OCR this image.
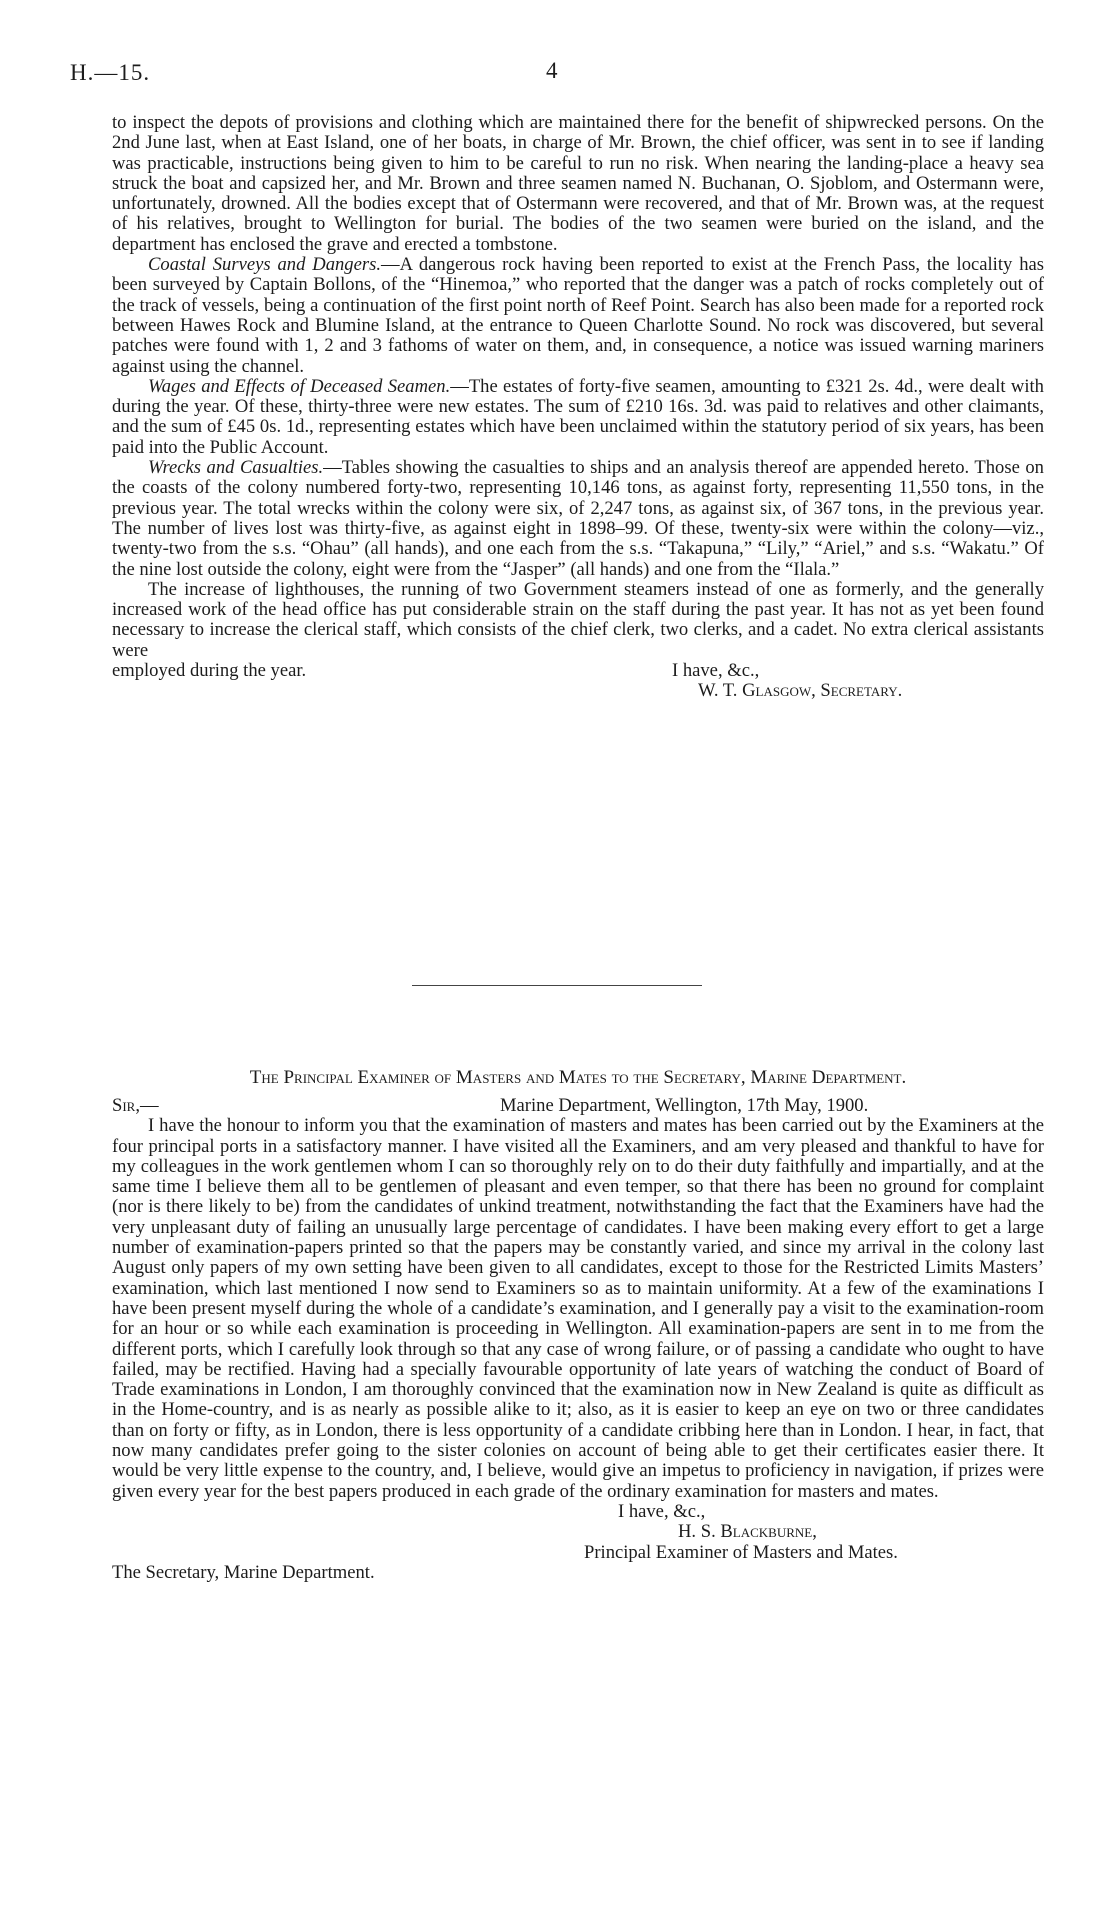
H.—15.	4

to inspect the depots of provisions and clothing which are maintained there for the benefit of shipwrecked persons. On the 2nd June last, when at East Island, one of her boats, in charge of Mr. Brown, the chief officer, was sent in to see if landing was practicable, instructions being given to him to be careful to run no risk. When nearing the landing-place a heavy sea struck the boat and capsized her, and Mr. Brown and three seamen named N. Buchanan, O. Sjoblom, and Ostermann were, unfortunately, drowned. All the bodies except that of Ostermann were recovered, and that of Mr. Brown was, at the request of his relatives, brought to Wellington for burial. The bodies of the two seamen were buried on the island, and the department has enclosed the grave and erected a tombstone.

Coastal Surveys and Dangers.—A dangerous rock having been reported to exist at the French Pass, the locality has been surveyed by Captain Bollons, of the “Hinemoa,” who reported that the danger was a patch of rocks completely out of the track of vessels, being a continuation of the first point north of Reef Point. Search has also been made for a reported rock between Hawes Rock and Blumine Island, at the entrance to Queen Charlotte Sound. No rock was discovered, but several patches were found with 1, 2 and 3 fathoms of water on them, and, in consequence, a notice was issued warning mariners against using the channel.

Wages and Effects of Deceased Seamen.—The estates of forty-five seamen, amounting to £321 2s. 4d., were dealt with during the year. Of these, thirty-three were new estates. The sum of £210 16s. 3d. was paid to relatives and other claimants, and the sum of £45 0s. 1d., representing estates which have been unclaimed within the statutory period of six years, has been paid into the Public Account.

Wrecks and Casualties.—Tables showing the casualties to ships and an analysis thereof are appended hereto. Those on the coasts of the colony numbered forty-two, representing 10,146 tons, as against forty, representing 11,550 tons, in the previous year. The total wrecks within the colony were six, of 2,247 tons, as against six, of 367 tons, in the previous year. The number of lives lost was thirty-five, as against eight in 1898–99. Of these, twenty-six were within the colony—viz., twenty-two from the s.s. “Ohau” (all hands), and one each from the s.s. “Takapuna,” “Lily,” “Ariel,” and s.s. “Wakatu.” Of the nine lost outside the colony, eight were from the “Jasper” (all hands) and one from the “Ilala.”

The increase of lighthouses, the running of two Government steamers instead of one as formerly, and the generally increased work of the head office has put considerable strain on the staff during the past year. It has not as yet been found necessary to increase the clerical staff, which consists of the chief clerk, two clerks, and a cadet. No extra clerical assistants were

employed during the year.	I have, &c.,
W. T. Glasgow, Secretary.
The Principal Examiner of Masters and Mates to the Secretary, Marine Department.
Sir,—	Marine Department, Wellington, 17th May, 1900.

I have the honour to inform you that the examination of masters and mates has been carried out by the Examiners at the four principal ports in a satisfactory manner. I have visited all the Examiners, and am very pleased and thankful to have for my colleagues in the work gentlemen whom I can so thoroughly rely on to do their duty faithfully and impartially, and at the same time I believe them all to be gentlemen of pleasant and even temper, so that there has been no ground for complaint (nor is there likely to be) from the candidates of unkind treatment, notwithstanding the fact that the Examiners have had the very unpleasant duty of failing an unusually large percentage of candidates. I have been making every effort to get a large number of examination-papers printed so that the papers may be constantly varied, and since my arrival in the colony last August only papers of my own setting have been given to all candidates, except to those for the Restricted Limits Masters’ examination, which last mentioned I now send to Examiners so as to maintain uniformity. At a few of the examinations I have been present myself during the whole of a candidate’s examination, and I generally pay a visit to the examination-room for an hour or so while each examination is proceeding in Wellington. All examination-papers are sent in to me from the different ports, which I carefully look through so that any case of wrong failure, or of passing a candidate who ought to have failed, may be rectified. Having had a specially favourable opportunity of late years of watching the conduct of Board of Trade examinations in London, I am thoroughly convinced that the examination now in New Zealand is quite as difficult as in the Home-country, and is as nearly as possible alike to it; also, as it is easier to keep an eye on two or three candidates than on forty or fifty, as in London, there is less opportunity of a candidate cribbing here than in London. I hear, in fact, that now many candidates prefer going to the sister colonies on account of being able to get their certificates easier there. It would be very little expense to the country, and, I believe, would give an impetus to proficiency in navigation, if prizes were given every year for the best papers produced in each grade of the ordinary examination for masters and mates.

I have, &c.,
H. S. Blackburne,
Principal Examiner of Masters and Mates.
The Secretary, Marine Department.
